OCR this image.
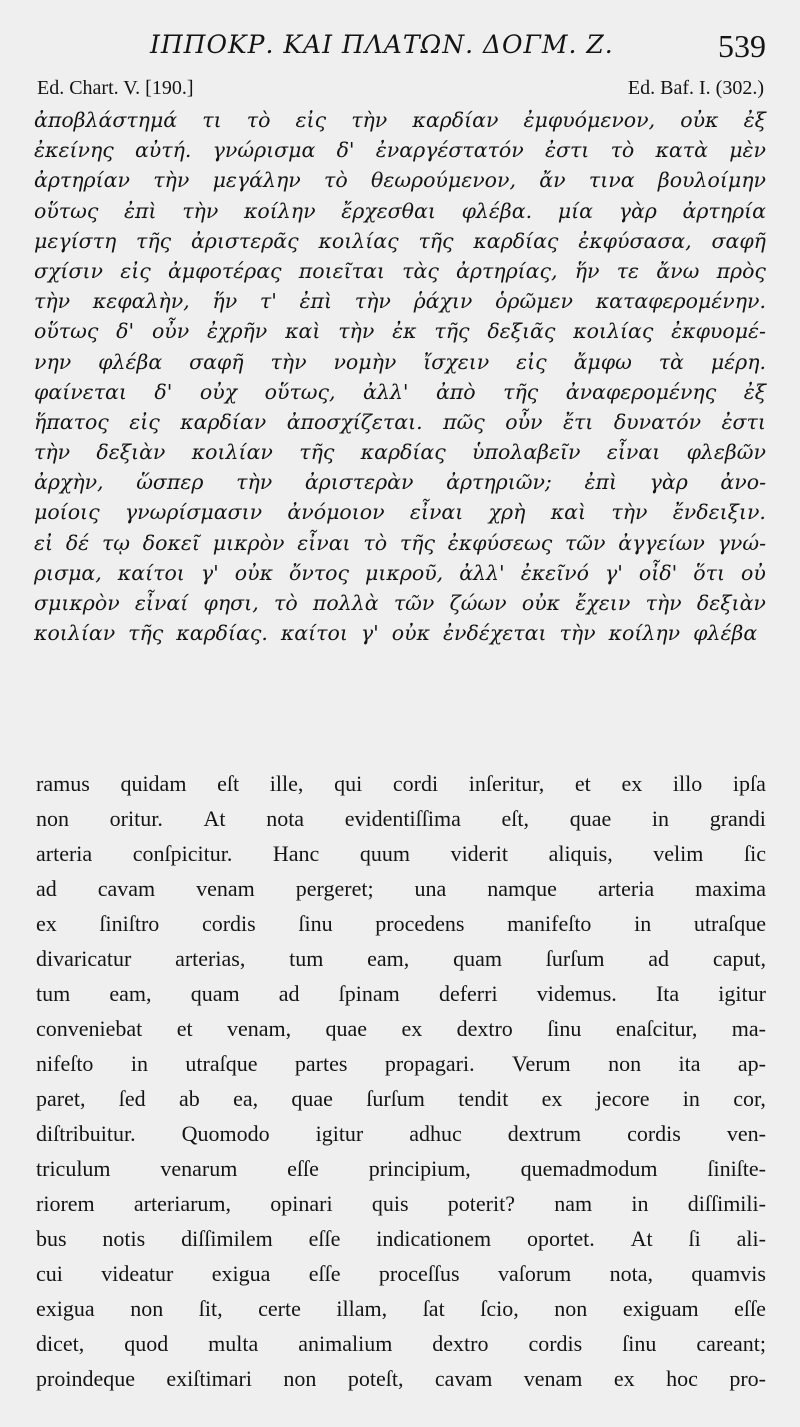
ΙΠΠΟΚΡ. ΚΑΙ ΠΛΑΤΩΝ. ΔΟΓΜ. Ζ.	539
Ed. Chart. V. [190.]	Ed. Baf. I. (302.)
ἀποβλάστημά τι τὸ εἰς τὴν καρδίαν ἐμφυόμενον, οὐκ ἐξ
ἐκείνης αὐτή. γνώρισμα δ' ἐναργέστατόν ἐστι τὸ κατὰ μὲν
ἀρτηρίαν τὴν μεγάλην τὸ θεωρούμενον, ἄν τινα βουλοίμην
οὕτως ἐπὶ τὴν κοίλην ἔρχεσθαι φλέβα. μία γὰρ ἀρτηρία
μεγίστη τῆς ἀριστερᾶς κοιλίας τῆς καρδίας ἐκφύσασα, σαφῆ
σχίσιν εἰς ἀμφοτέρας ποιεῖται τὰς ἀρτηρίας, ἥν τε ἄνω πρὸς
τὴν κεφαλὴν, ἥν τ' ἐπὶ τὴν ῥάχιν ὁρῶμεν καταφερομένην.
οὕτως δ' οὖν ἐχρῆν καὶ τὴν ἐκ τῆς δεξιᾶς κοιλίας ἐκφυομέ-
νην φλέβα σαφῆ τὴν νομὴν ἴσχειν εἰς ἄμφω τὰ μέρη.
φαίνεται δ' οὐχ οὕτως, ἀλλ' ἀπὸ τῆς ἀναφερομένης ἐξ
ἥπατος εἰς καρδίαν ἀποσχίζεται. πῶς οὖν ἔτι δυνατόν ἐστι
τὴν δεξιὰν κοιλίαν τῆς καρδίας ὑπολαβεῖν εἶναι φλεβῶν
ἀρχὴν, ὥσπερ τὴν ἀριστερὰν ἀρτηριῶν; ἐπὶ γὰρ ἀνο-
μοίοις γνωρίσμασιν ἀνόμοιον εἶναι χρὴ καὶ τὴν ἔνδειξιν.
εἰ δέ τῳ δοκεῖ μικρὸν εἶναι τὸ τῆς ἐκφύσεως τῶν ἀγγείων γνώ-
ρισμα, καίτοι γ' οὐκ ὄντος μικροῦ, ἀλλ' ἐκεῖνό γ' οἶδ' ὅτι οὐ
σμικρὸν εἶναί φησι, τὸ πολλὰ τῶν ζώων οὐκ ἔχειν τὴν δεξιὰν
κοιλίαν τῆς καρδίας. καίτοι γ' οὐκ ἐνδέχεται τὴν κοίλην φλέβα
ramus quidam eſt ille, qui cordi inſeritur, et ex illo ipſa
non oritur. At nota evidentiſſima eſt, quae in grandi
arteria conſpicitur. Hanc quum viderit aliquis, velim ſic
ad cavam venam pergeret; una namque arteria maxima
ex ſiniſtro cordis ſinu procedens manifeſto in utraſque
divaricatur arterias, tum eam, quam ſurſum ad caput,
tum eam, quam ad ſpinam deferri videmus. Ita igitur
conveniebat et venam, quae ex dextro ſinu enaſcitur, ma-
nifeſto in utraſque partes propagari. Verum non ita ap-
paret, ſed ab ea, quae ſurſum tendit ex jecore in cor,
diſtribuitur. Quomodo igitur adhuc dextrum cordis ven-
triculum venarum eſſe principium, quemadmodum ſiniſte-
riorem arteriarum, opinari quis poterit? nam in diſſimili-
bus notis diſſimilem eſſe indicationem oportet. At ſi ali-
cui videatur exigua eſſe proceſſus vaſorum nota, quamvis
exigua non ſit, certe illam, ſat ſcio, non exiguam eſſe
dicet, quod multa animalium dextro cordis ſinu careant;
proindeque exiſtimari non poteſt, cavam venam ex hoc pro-
